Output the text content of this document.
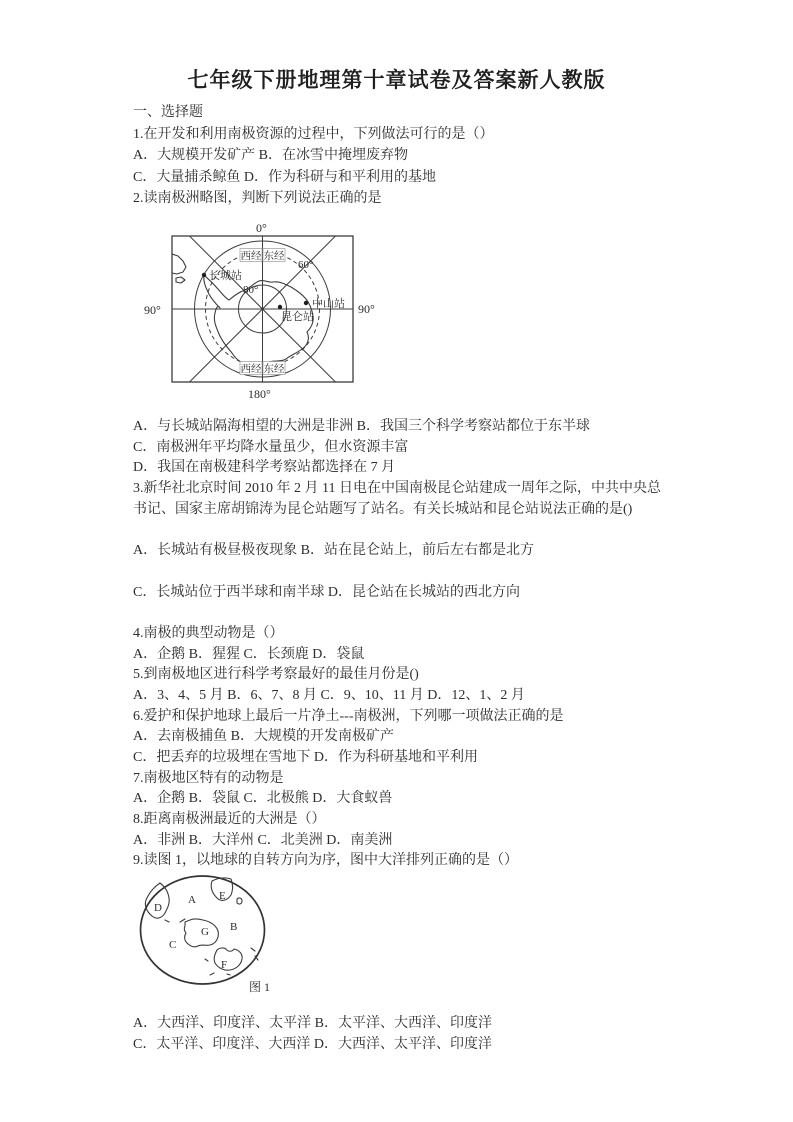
七年级下册地理第十章试卷及答案新人教版
一、选择题
1.在开发和利用南极资源的过程中，下列做法可行的是（）
A．大规模开发矿产 B．在冰雪中掩埋废弃物
C．大量捕杀鲸鱼 D．作为科研与和平利用的基地
2.读南极洲略图，判断下列说法正确的是
长城站
中山站
昆仑站
80°
60°
西经 东经
西经 东经
0°
180°
90°	90°
A．与长城站隔海相望的大洲是非洲 B．我国三个科学考察站都位于东半球
C．南极洲年平均降水量虽少，但水资源丰富
D．我国在南极建科学考察站都选择在 7 月
3.新华社北京时间 2010 年 2 月 11 日电在中国南极昆仑站建成一周年之际，中共中央总
书记、国家主席胡锦涛为昆仑站题写了站名。有关长城站和昆仑站说法正确的是()

A．长城站有极昼极夜现象 B．站在昆仑站上，前后左右都是北方

C．长城站位于西半球和南半球 D．昆仑站在长城站的西北方向

4.南极的典型动物是（）
A．企鹅 B．猩猩 C．长颈鹿 D．袋鼠
5.到南极地区进行科学考察最好的最佳月份是()
A．3、4、5 月 B．6、7、8 月 C．9、10、11 月 D．12、1、2 月
6.爱护和保护地球上最后一片净土---南极洲，下列哪一项做法正确的是
A．去南极捕鱼 B．大规模的开发南极矿产
C．把丢弃的垃圾埋在雪地下 D．作为科研基地和平利用
7.南极地区特有的动物是
A．企鹅 B．袋鼠 C．北极熊 D．大食蚁兽
8.距离南极洲最近的大洲是（）
A．非洲 B．大洋州 C．北美洲 D．南美洲
9.读图 1，以地球的自转方向为序，图中大洋排列正确的是（）
A
B
C
D
E
F
G
图 1
A．大西洋、印度洋、太平洋 B．太平洋、大西洋、印度洋
C．太平洋、印度洋、大西洋 D．大西洋、太平洋、印度洋
